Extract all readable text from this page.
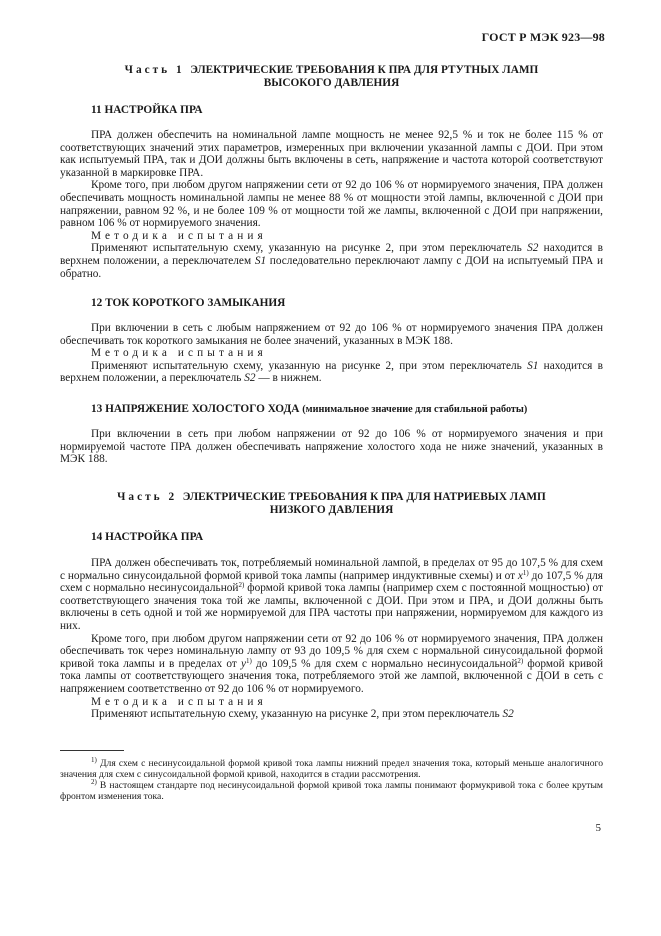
ГОСТ Р МЭК 923—98
Часть 1 ЭЛЕКТРИЧЕСКИЕ ТРЕБОВАНИЯ К ПРА ДЛЯ РТУТНЫХ ЛАМП
ВЫСОКОГО ДАВЛЕНИЯ
11 НАСТРОЙКА ПРА

ПРА должен обеспечить на номинальной лампе мощность не менее 92,5 % и ток не более 115 % от соответствующих значений этих параметров, измеренных при включении указанной лампы с ДОИ. При этом как испытуемый ПРА, так и ДОИ должны быть включены в сеть, напряжение и частота которой соответствуют указанной в маркировке ПРА.

Кроме того, при любом другом напряжении сети от 92 до 106 % от нормируемого значения, ПРА должен обеспечивать мощность номинальной лампы не менее 88 % от мощности этой лампы, включенной с ДОИ при напряжении, равном 92 %, и не более 109 % от мощности той же лампы, включенной с ДОИ при напряжении, равном 106 % от нормируемого значения.

Методика испытания

Применяют испытательную схему, указанную на рисунке 2, при этом переключатель S2 находится в верхнем положении, а переключателем S1 последовательно переключают лампу с ДОИ на испытуемый ПРА и обратно.

12 ТОК КОРОТКОГО ЗАМЫКАНИЯ

При включении в сеть с любым напряжением от 92 до 106 % от нормируемого значения ПРА должен обеспечивать ток короткого замыкания не более значений, указанных в МЭК 188.

Методика испытания

Применяют испытательную схему, указанную на рисунке 2, при этом переключатель S1 находится в верхнем положении, а переключатель S2 — в нижнем.

13 НАПРЯЖЕНИЕ ХОЛОСТОГО ХОДА (минимальное значение для стабильной работы)

При включении в сеть при любом напряжении от 92 до 106 % от нормируемого значения и при нормируемой частоте ПРА должен обеспечивать напряжение холостого хода не ниже значений, указанных в МЭК 188.

Часть 2 ЭЛЕКТРИЧЕСКИЕ ТРЕБОВАНИЯ К ПРА ДЛЯ НАТРИЕВЫХ ЛАМП
НИЗКОГО ДАВЛЕНИЯ
14 НАСТРОЙКА ПРА

ПРА должен обеспечивать ток, потребляемый номинальной лампой, в пределах от 95 до 107,5 % для схем с нормально синусоидальной формой кривой тока лампы (например индуктивные схемы) и от $x^{1)}$ до 107,5 % для схем с нормально несинусоидальной$^{2)}$ формой кривой тока лампы (например схем с постоянной мощностью) от соответствующего значения тока той же лампы, включенной с ДОИ. При этом и ПРА, и ДОИ должны быть включены в сеть одной и той же нормируемой для ПРА частоты при напряжении, нормируемом для каждого из них.

Кроме того, при любом другом напряжении сети от 92 до 106 % от нормируемого значения, ПРА должен обеспечивать ток через номинальную лампу от 93 до 109,5 % для схем с нормальной синусоидальной формой кривой тока лампы и в пределах от $y^{1)}$ до 109,5 % для схем с нормально несинусоидальной$^{2)}$ формой кривой тока лампы от соответствующего значения тока, потребляемого этой же лампой, включенной с ДОИ в сеть с напряжением соответственно от 92 до 106 % от нормируемого.

Методика испытания

Применяют испытательную схему, указанную на рисунке 2, при этом переключатель S2

$^{1)}$ Для схем с несинусоидальной формой кривой тока лампы нижний предел значения тока, который меньше аналогичного значения для схем с синусоидальной формой кривой, находится в стадии рассмотрения.

$^{2)}$ В настоящем стандарте под несинусоидальной формой кривой тока лампы понимают формукривой тока с более крутым фронтом изменения тока.

5
